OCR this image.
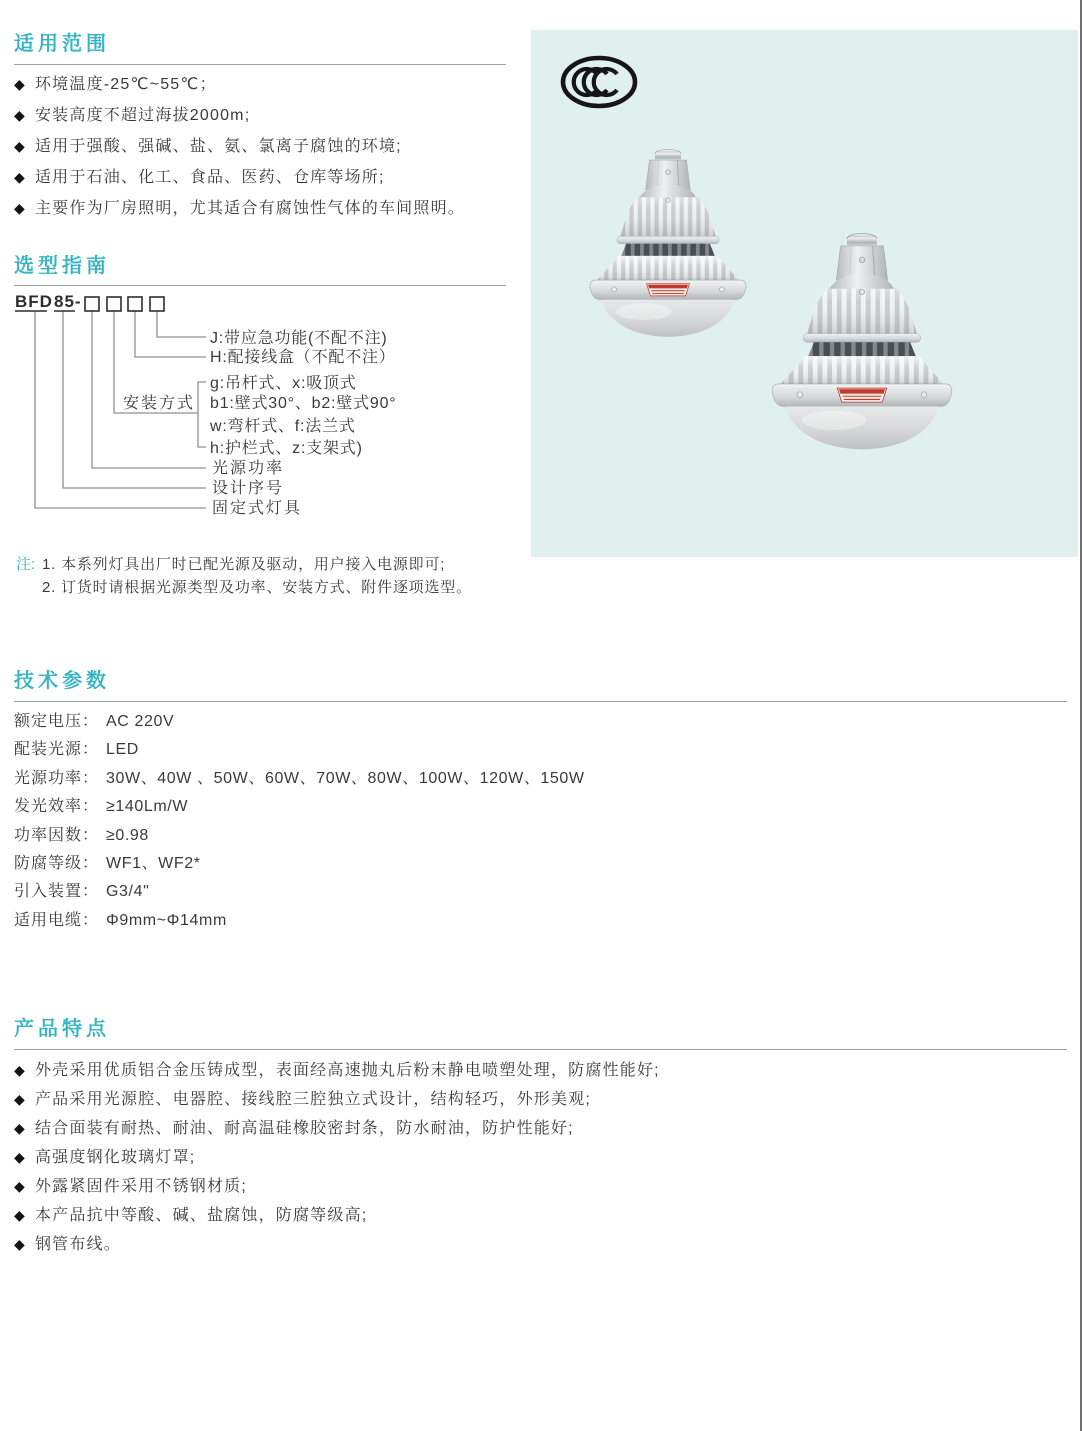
适用范围
◆ 环境温度-25℃~55℃；
◆ 安装高度不超过海拔2000m;
◆ 适用于强酸、强碱、盐、氨、氯离子腐蚀的环境;
◆ 适用于石油、化工、食品、医药、仓库等场所;
◆ 主要作为厂房照明，尤其适合有腐蚀性气体的车间照明。
选型指南
BFD 85-
J:带应急功能(不配不注)
H:配接线盒（不配不注）
g:吊杆式、x:吸顶式
b1:壁式30°、b2:壁式90°
w:弯杆式、f:法兰式
h:护栏式、z:支架式)
安装方式
光源功率
设计序号
固定式灯具
注: 1. 本系列灯具出厂时已配光源及驱动，用户接入电源即可;
2. 订货时请根据光源类型及功率、安装方式、附件逐项选型。
技术参数
额定电压： AC 220V
配装光源： LED
光源功率： 30W、40W 、50W、60W、70W、80W、100W、120W、150W
发光效率： ≥140Lm/W
功率因数： ≥0.98
防腐等级： WF1、WF2*
引入装置： G3/4"
适用电缆： Φ9mm~Φ14mm
产品特点
◆ 外壳采用优质铝合金压铸成型，表面经高速抛丸后粉末静电喷塑处理，防腐性能好;
◆ 产品采用光源腔、电器腔、接线腔三腔独立式设计，结构轻巧，外形美观;
◆ 结合面装有耐热、耐油、耐高温硅橡胶密封条，防水耐油，防护性能好;
◆ 高强度钢化玻璃灯罩;
◆ 外露紧固件采用不锈钢材质;
◆ 本产品抗中等酸、碱、盐腐蚀，防腐等级高;
◆ 钢管布线。
